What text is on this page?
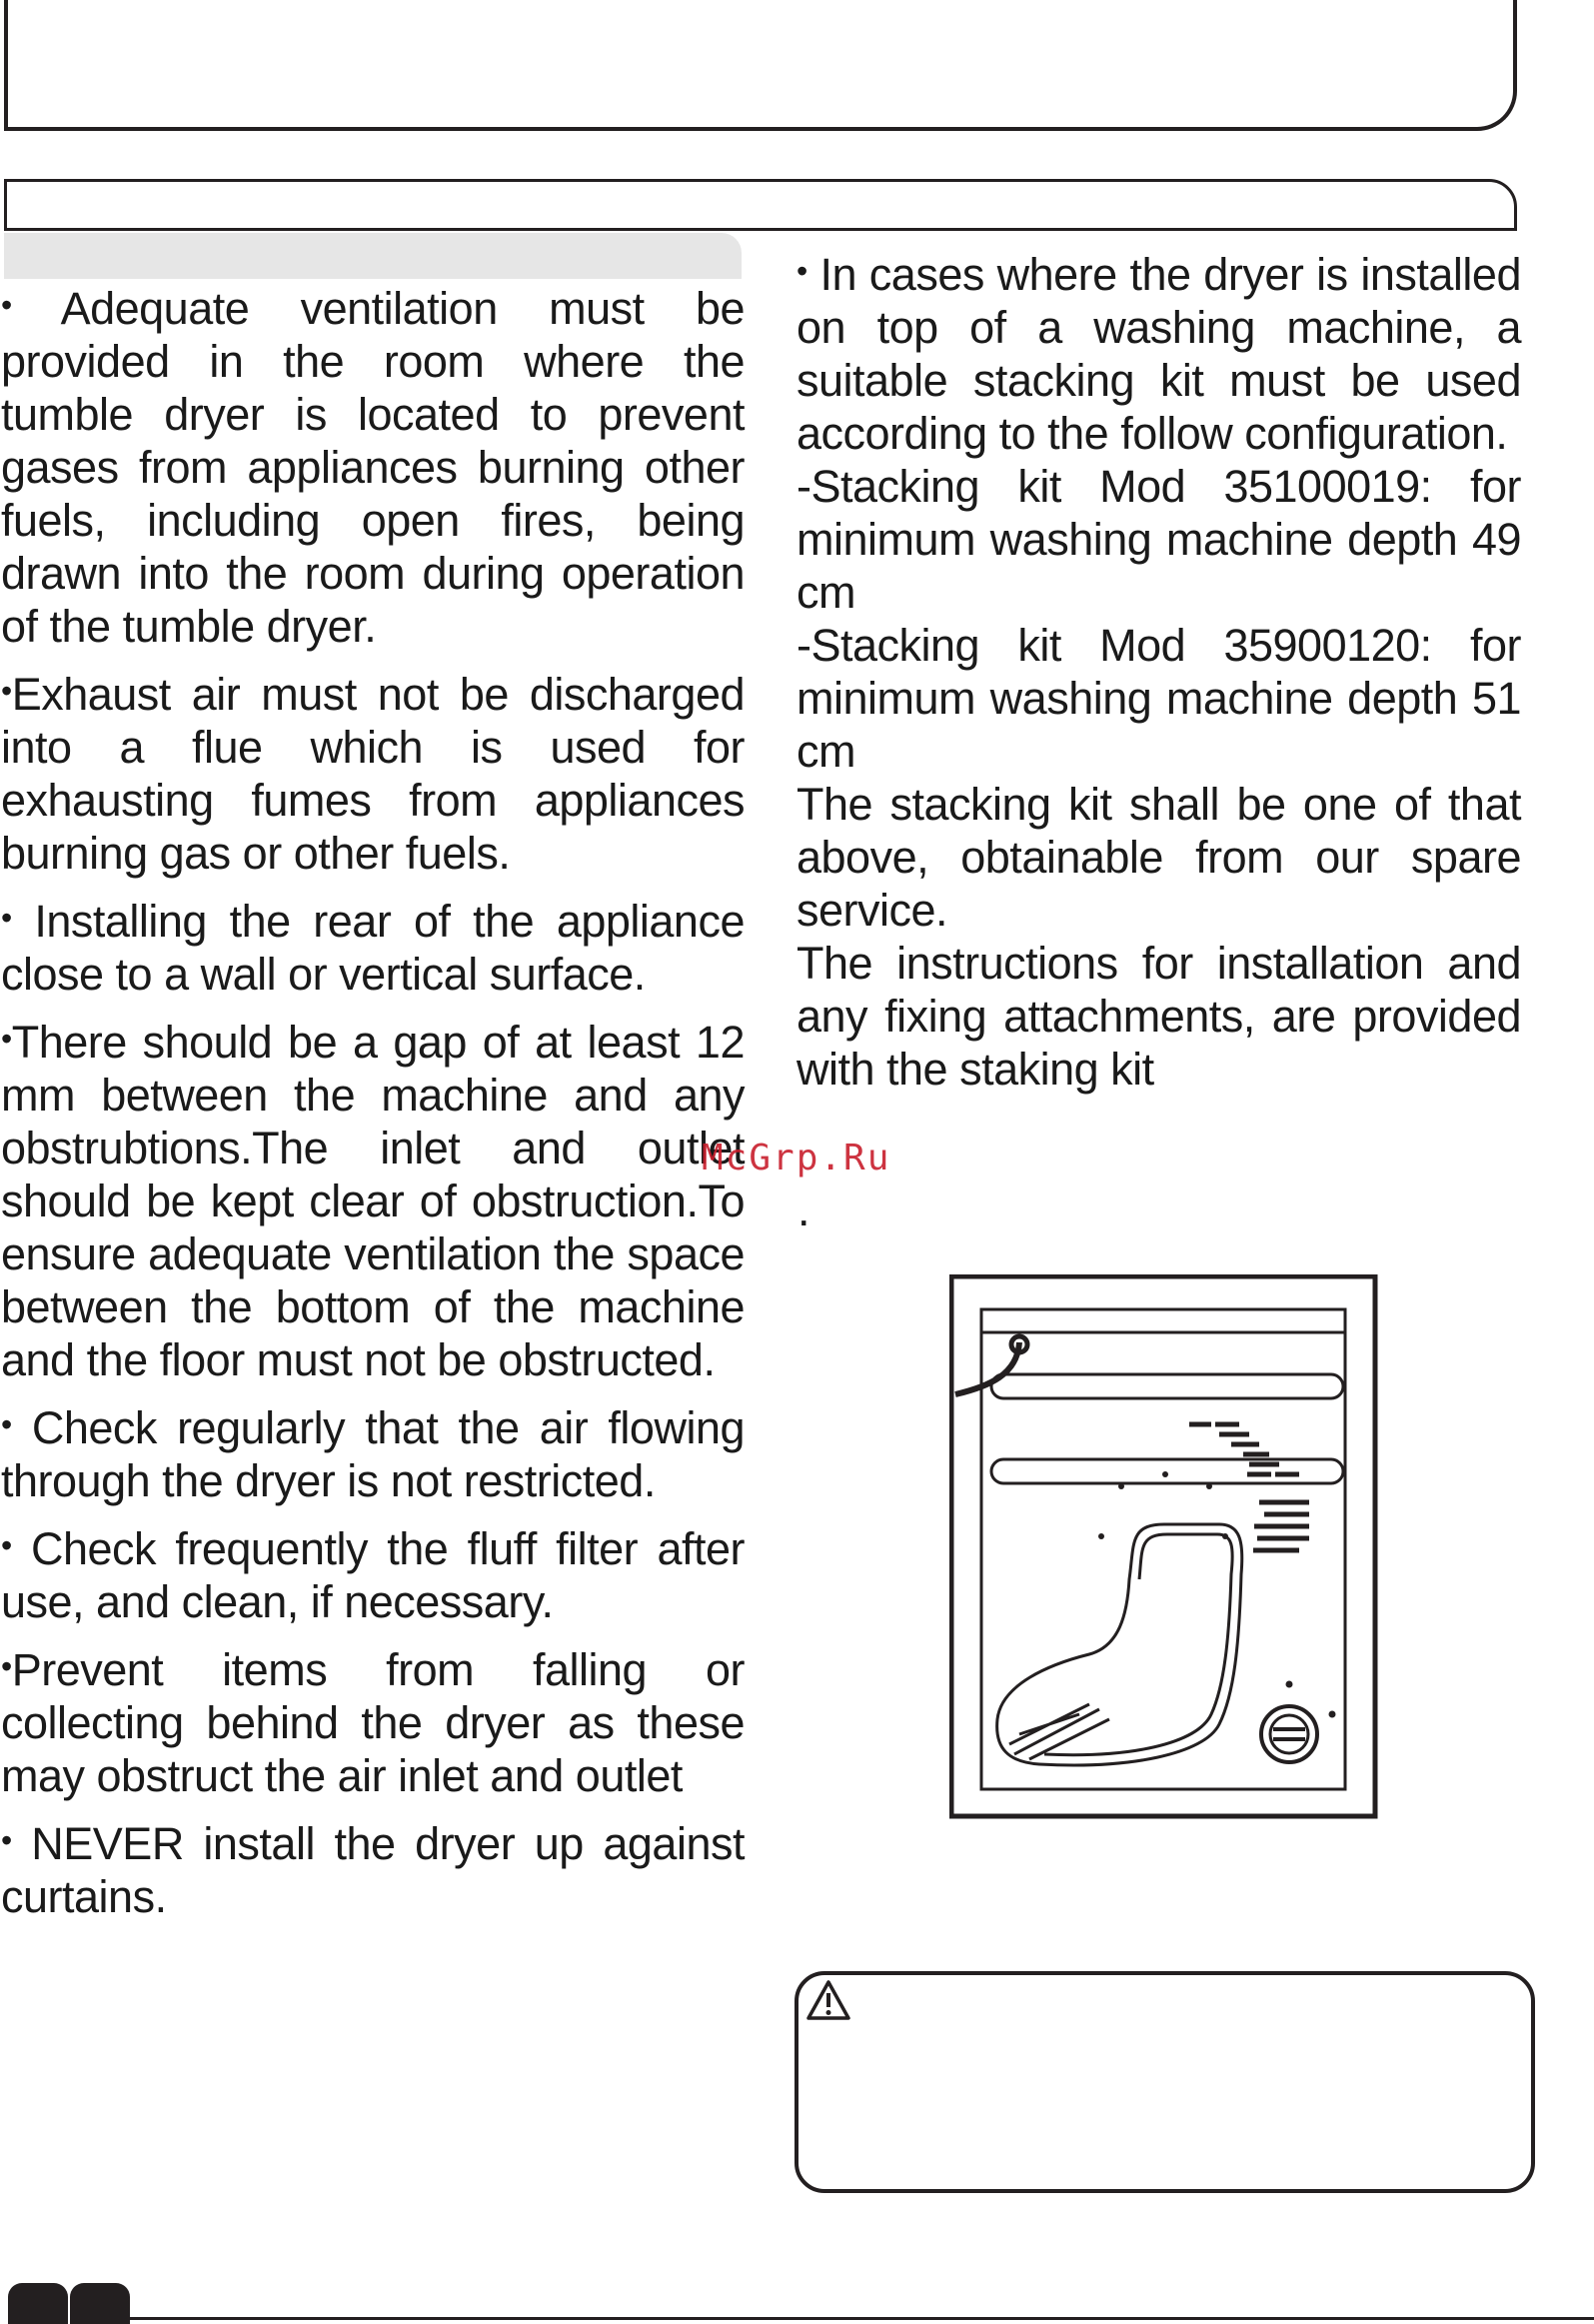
• Adequate ventilation must be provided in the room where the tumble dryer is located to prevent gases from appliances burning other fuels, including open fires, being drawn into the room during operation of the tumble dryer.

•Exhaust air must not be discharged into a flue which is used for exhausting fumes from appliances burning gas or other fuels.

• Installing the rear of the appliance close to a wall or vertical surface.

•There should be a gap of at least 12 mm between the machine and any obstrubtions.The inlet and outlet should be kept clear of obstruction.To ensure adequate ventilation the space between the bottom of the machine and the floor must not be obstructed.

• Check regularly that the air flowing through the dryer is not restricted.

• Check frequently the fluff filter after use, and clean, if necessary.

•Prevent items from falling or collecting behind the dryer as these may obstruct the air inlet and outlet

• NEVER install the dryer up against curtains.

• In cases where the dryer is installed on top of a washing machine, a suitable stacking kit must be used according to the follow configuration.

-Stacking kit Mod 35100019: for minimum washing machine depth 49 cm

-Stacking kit Mod 35900120: for minimum washing machine depth 51 cm

The stacking kit shall be one of that above, obtainable from our spare service.

The instructions for installation and any fixing attachments, are provided with the staking kit

.
McGrp.Ru
